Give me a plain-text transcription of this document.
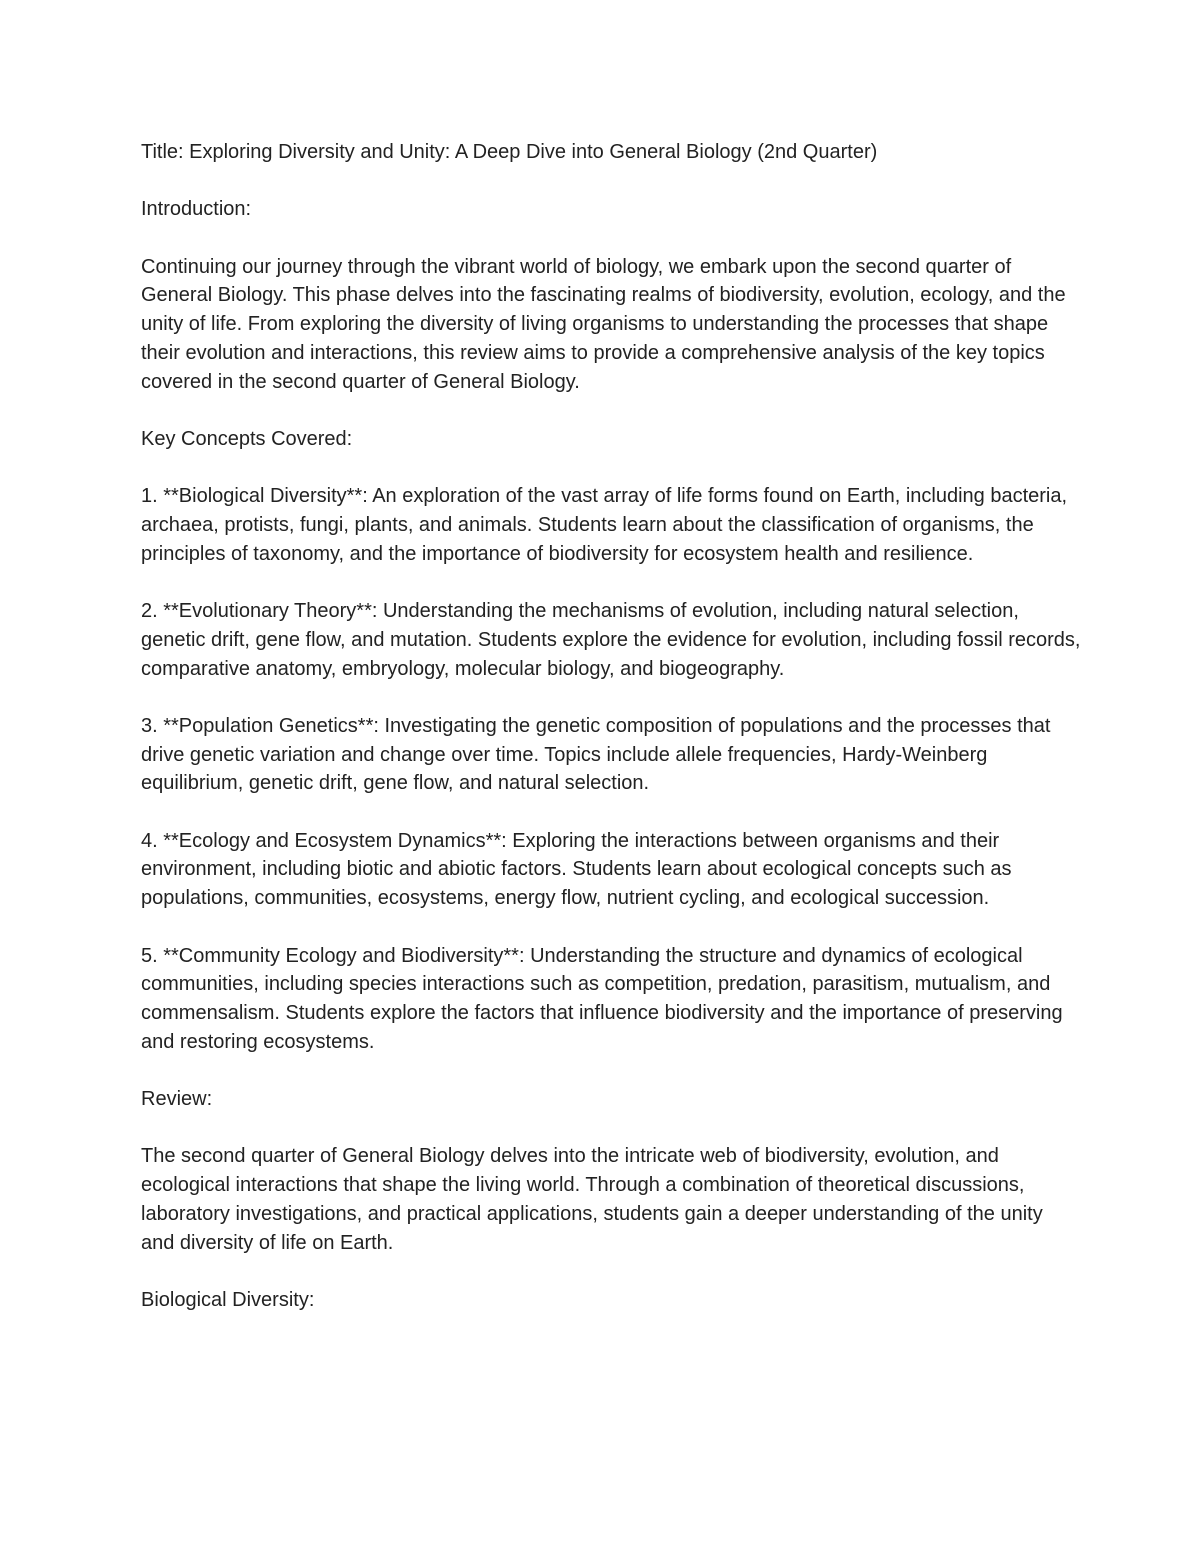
Title: Exploring Diversity and Unity: A Deep Dive into General Biology (2nd Quarter)

Introduction:

Continuing our journey through the vibrant world of biology, we embark upon the second quarter of General Biology. This phase delves into the fascinating realms of biodiversity, evolution, ecology, and the unity of life. From exploring the diversity of living organisms to understanding the processes that shape their evolution and interactions, this review aims to provide a comprehensive analysis of the key topics covered in the second quarter of General Biology.

Key Concepts Covered:

1. **Biological Diversity**: An exploration of the vast array of life forms found on Earth, including bacteria, archaea, protists, fungi, plants, and animals. Students learn about the classification of organisms, the principles of taxonomy, and the importance of biodiversity for ecosystem health and resilience.

2. **Evolutionary Theory**: Understanding the mechanisms of evolution, including natural selection, genetic drift, gene flow, and mutation. Students explore the evidence for evolution, including fossil records, comparative anatomy, embryology, molecular biology, and biogeography.

3. **Population Genetics**: Investigating the genetic composition of populations and the processes that drive genetic variation and change over time. Topics include allele frequencies, Hardy-Weinberg equilibrium, genetic drift, gene flow, and natural selection.

4. **Ecology and Ecosystem Dynamics**: Exploring the interactions between organisms and their environment, including biotic and abiotic factors. Students learn about ecological concepts such as populations, communities, ecosystems, energy flow, nutrient cycling, and ecological succession.

5. **Community Ecology and Biodiversity**: Understanding the structure and dynamics of ecological communities, including species interactions such as competition, predation, parasitism, mutualism, and commensalism. Students explore the factors that influence biodiversity and the importance of preserving and restoring ecosystems.

Review:

The second quarter of General Biology delves into the intricate web of biodiversity, evolution, and ecological interactions that shape the living world. Through a combination of theoretical discussions, laboratory investigations, and practical applications, students gain a deeper understanding of the unity and diversity of life on Earth.

Biological Diversity:
